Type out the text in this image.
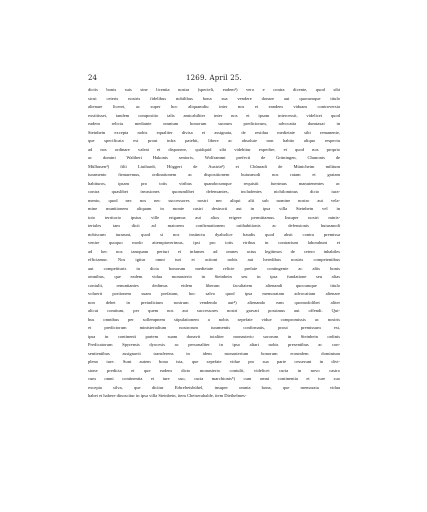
24	1269. April 25.
dictis bonis suis sine licentia nostra (specieli, eadem¹) vero e contra dicente, quod sibi
sicut ceteris nostris fidelibus nobilibus bona sua vendere donare aut quocumque titulo
alienare liceret, ac super hoc aliquamdiu inter nos et eandem viduam controversia
exstitisset, tandem compositio talis amicabiliter inter nos et ipsam intercessit, videlicet quod
eadem relicta mediante omnium bonorum suorum predictorum, advocatia dumtaxat in
Steinbein excepta nobis equaliter divisa et assignata, de residua medietate sibi remanente,
que specificata est prout infra patebit, libere ac absolute non habito aliquo respectu
ad nos ordinare valeat et disponere, quidquid sibi videbitur expedire, et quod nos proprio
ac domini Waltheri Hakonis senioris, Wolframmi prefecti de Grüningen, Chunonis de
Mülhusen²) filii Liuthardi, Höggeri de Austria³) et Chûnradi de Münicheim militum
iuramento firmaremus, ordinationem ac dispositionem huiusmodi nos ratam et gratam
habituros, ipsam pro totis viribus quandocumque requisiti fuerimus manutenentes ac
contra quaslibet invasiones quorumlibet defensantes, includentes nichilominus dicto iura-
mento, quod nec nos nec successores nostri nec aliqui alii sub nomine nostro aut vela-
mine munitionem aliquam in monte castri destructi aut in ipsa villa Steinbein vel in
toto territorio ipsius ville erigamus aut alios erigere permittamus. Insuper nostri minis-
teriales iam dicti ad maiorem confirmationem ratihabitionis ac defensionis huiusmodi
nobiscum iurarunt, quod si nos instinctu dyabolice fraudis quod absit contra premissa
venire quoquo modo attemptaverimus, ipsi pro totis viribus in contrarium laborabunt et
ad hec nos tamquam periuri et infames ad omnes actus legitimos de cetero inhabiles
efficiamur. Nos igitur omni iuri et actioni nobis aut heredibus nostris competentibus
aut competituris in dicta bonorum medietate relicte prefate contingente ac aliis bonis
omnibus, que eadem vidua monasterio in Steinbein seu in ipsa fundatione seu alias
contulit, renuntiantes dedimus eidem liberam facultatem alienandi quocumque titulo
voluerit portionem suam prefatam, hoc salvo quod ipsa memoratam advocatiam alienare
non debet in preiudicium nostrum vendendo aut⁴) alienando eam quomodolibet aliter
alicui comitum, per quem nos aut successores nostri gravari possimus aut offendi. Qui-
bus omnibus per sollempnem stipulationem a nobis sepefate vidue compromissis ac nostris
et predictorum ministerialium nostrorum iuramentis confirmatis, prout premissum est,
ipsa in continenti partem suam donavit totaliter monasterio sororum in Steinbein ordinis
Predicatorum Spyrensis dyocesis ac personaliter in ipso altari nobis presentibus ac con-
sentientibus assignavit transferens in idem monasterium bonorum eorundem dominium
pleno iure. Sunt autem bona ista, que sepefate vidue pro sua parte cesserunt in divi-
sione predicta et que eadem dicto monasterio contulit, videlicet curia in novo castro
cum omni continentia et iure suo, curia marchionis⁵) cum omni continentia et iure suo
excepta silva, que dicitur Erbreheisbühel, insuper omnia bona, que memorata vidua
habet et habere dinoscitur in ipsa villa Steinbein, item Cheiserahalde, item Diethelmes-
